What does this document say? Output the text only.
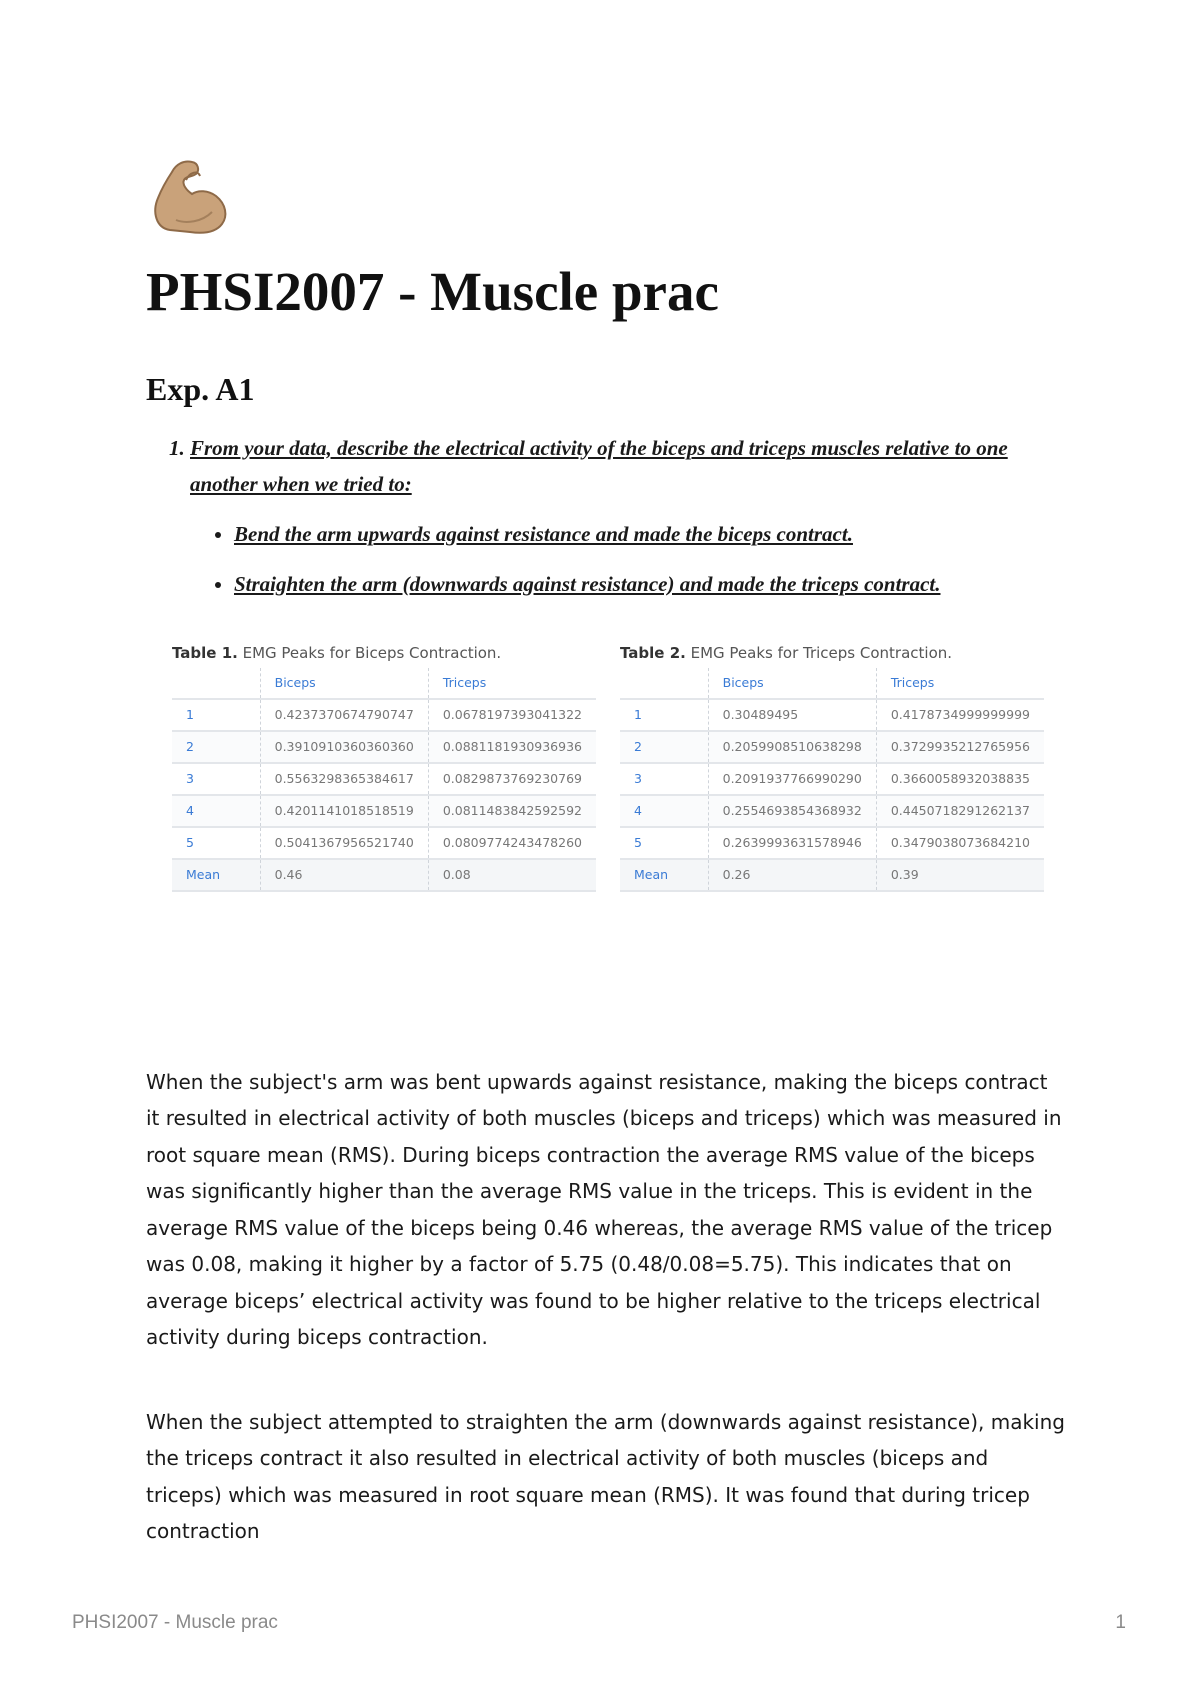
PHSI2007 - Muscle prac
Exp. A1
1. From your data, describe the electrical activity of the biceps and triceps muscles relative to one another when we tried to:
• Bend the arm upwards against resistance and made the biceps contract.
• Straighten the arm (downwards against resistance) and made the triceps contract.
Table 1. EMG Peaks for Biceps Contraction.
	Biceps	Triceps
1	0.4237370674790747	0.0678197393041322
2	0.3910910360360360	0.0881181930936936
3	0.5563298365384617	0.0829873769230769
4	0.4201141018518519	0.0811483842592592
5	0.5041367956521740	0.0809774243478260
Mean	0.46	0.08
Table 2. EMG Peaks for Triceps Contraction.
	Biceps	Triceps
1	0.30489495	0.4178734999999999
2	0.2059908510638298	0.3729935212765956
3	0.2091937766990290	0.3660058932038835
4	0.2554693854368932	0.4450718291262137
5	0.2639993631578946	0.3479038073684210
Mean	0.26	0.39

When the subject's arm was bent upwards against resistance, making the biceps contract it resulted in electrical activity of both muscles (biceps and triceps) which was measured in root square mean (RMS). During biceps contraction the average RMS value of the biceps was significantly higher than the average RMS value in the triceps. This is evident in the average RMS value of the biceps being 0.46 whereas, the average RMS value of the tricep was 0.08, making it higher by a factor of 5.75 (0.48/0.08=5.75). This indicates that on average biceps’ electrical activity was found to be higher relative to the triceps electrical activity during biceps contraction.

When the subject attempted to straighten the arm (downwards against resistance), making the triceps contract it also resulted in electrical activity of both muscles (biceps and triceps) which was measured in root square mean (RMS). It was found that during tricep contraction

PHSI2007 - Muscle prac	1
